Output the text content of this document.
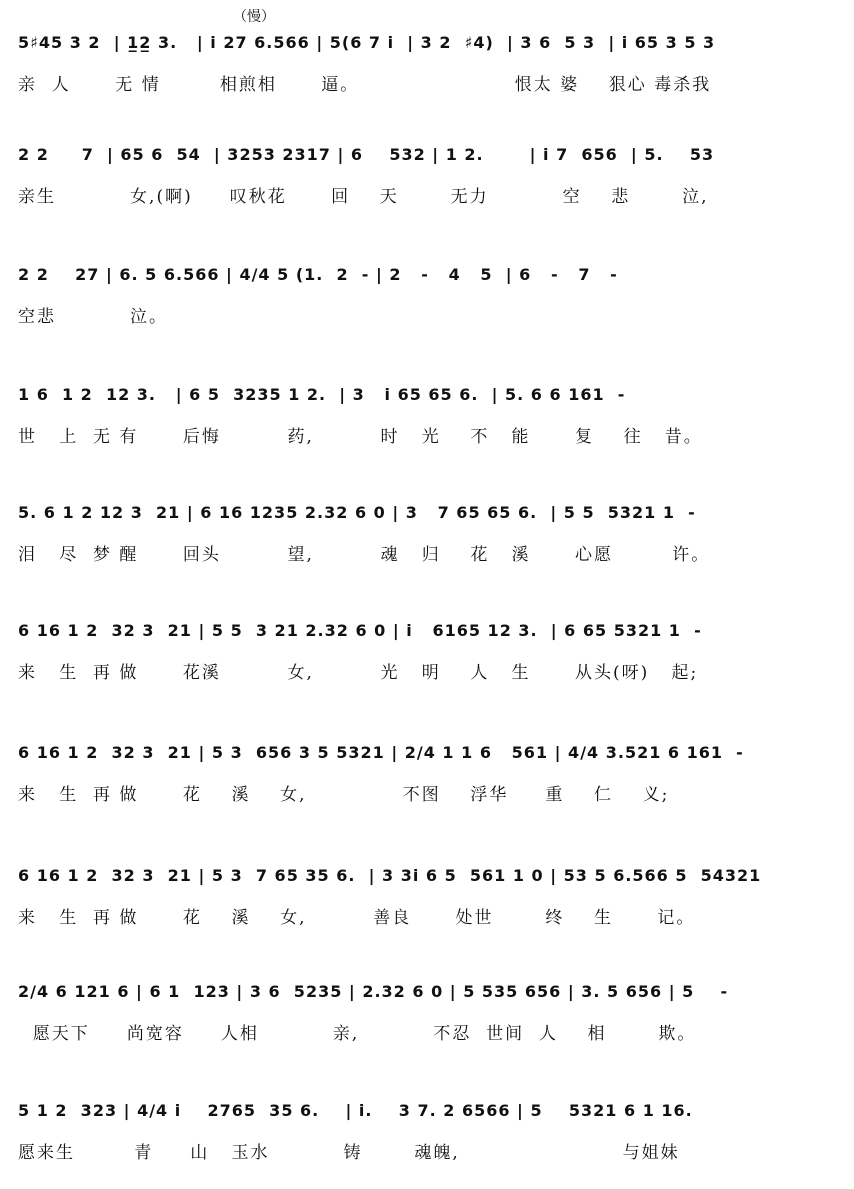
（慢）
5♯45 3 2  | 1̲2̲ 3.   | i 27 6.566 | 5(6 7 i  | 3 2  ♯4)  | 3 6  5 3  | i 65 3 5 3
亲  人      无 情        相煎相      逼。                     恨太 婆    狠心 毒杀我
2 2     7  | 65 6  54  | 3253 2317 | 6    532 | 1 2.       | i 7  656  | 5.    53
亲生          女,(啊)     叹秋花      回    天       无力          空    悲       泣,
2 2    27 | 6. 5 6.566 | 4/4 5 (1.  2  - | 2   -   4   5  | 6   -   7   -
空悲          泣。
1 6  1 2  12 3.   | 6 5  3235 1 2.  | 3   i 65 65 6.  | 5. 6 6 161  -
世   上  无 有      后悔         药,         时   光    不   能      复    往   昔。
5. 6 1 2 12 3  21 | 6 16 1235 2.32 6 0 | 3   7 65 65 6.  | 5 5  5321 1  -
泪   尽  梦 醒      回头         望,         魂   归    花   溪      心愿        许。
6 16 1 2  32 3  21 | 5 5  3 21 2.32 6 0 | i   6165 12 3.  | 6 65 5321 1  -
来   生  再 做      花溪         女,         光   明    人   生      从头(呀)   起;
6 16 1 2  32 3  21 | 5 3  656 3 5 5321 | 2/4 1 1 6   561 | 4/4 3.521 6 161  -
来   生  再 做      花    溪    女,             不图    浮华     重    仁    义;
6 16 1 2  32 3  21 | 5 3  7 65 35 6.  | 3 3i 6 5  561 1 0 | 53 5 6.566 5  54321
来   生  再 做      花    溪    女,         善良      处世       终    生      记。
2/4 6 121 6 | 6 1  123 | 3 6  5235 | 2.32 6 0 | 5 535 656 | 3. 5 656 | 5    -
愿天下     尚宽容     人相          亲,          不忍  世间  人    相       欺。
5 1 2  323 | 4/4 i    2765  35 6.    | i.    3 7. 2 6566 | 5    5321 6 1 16.
愿来生        青     山   玉水          铸       魂魄,                      与姐妹
